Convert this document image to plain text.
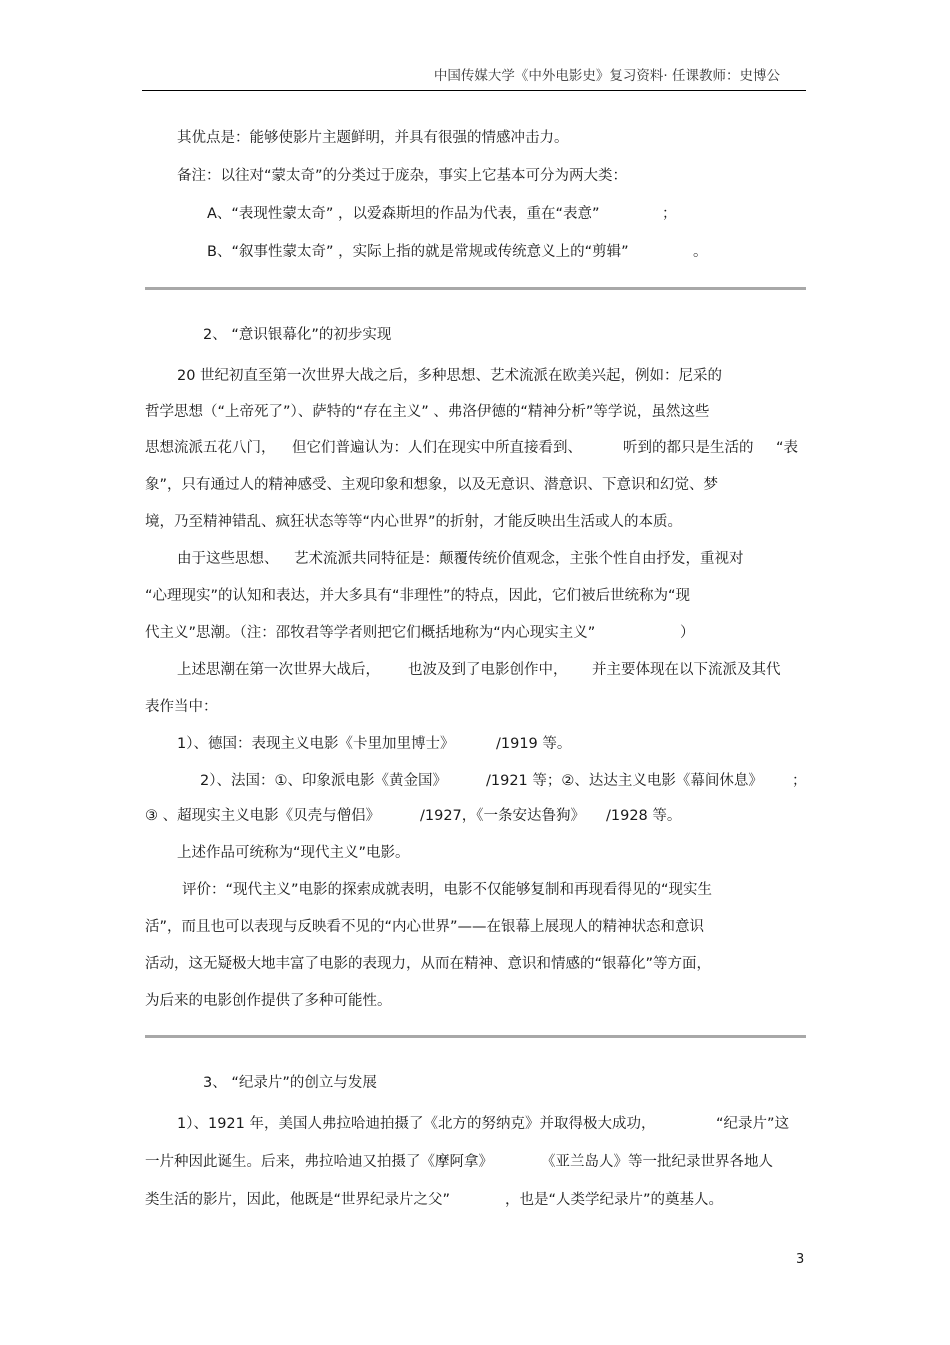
中国传媒大学《中外电影史》复习资料· 任课教师：史博公
其优点是：能够使影片主题鲜明，并具有很强的情感冲击力。
备注：以往对“蒙太奇”的分类过于庞杂，事实上它基本可分为两大类：
A、“表现性蒙太奇” ，以爱森斯坦的作品为代表，重在“表意”	；
B、“叙事性蒙太奇” ，实际上指的就是常规或传统意义上的“剪辑”	。
2、 “意识银幕化”的初步实现
20 世纪初直至第一次世界大战之后，多种思想、艺术流派在欧美兴起，例如：尼采的
哲学思想（“上帝死了”）、萨特的“存在主义” 、弗洛伊德的“精神分析”等学说，虽然这些
思想流派五花八门， 但它们普遍认为：人们在现实中所直接看到、	听到的都只是生活的 “表
象”，只有通过人的精神感受、主观印象和想象，以及无意识、潜意识、下意识和幻觉、梦
境，乃至精神错乱、疯狂状态等等“内心世界”的折射，才能反映出生活或人的本质。
由于这些思想、 艺术流派共同特征是：颠覆传统价值观念，主张个性自由抒发，重视对
“心理现实”的认知和表达，并大多具有“非理性”的特点，因此，它们被后世统称为“现
代主义”思潮。（注：邵牧君等学者则把它们概括地称为“内心现实主义”	）
上述思潮在第一次世界大战后， 也波及到了电影创作中， 并主要体现在以下流派及其代
表作当中：
1）、德国：表现主义电影《卡里加里博士》	/1919 等。
2）、法国：①、印象派电影《黄金国》	/1921 等；②、达达主义电影《幕间休息》 ；
③ 、超现实主义电影《贝壳与僧侣》	/1927，《一条安达鲁狗》 /1928 等。
上述作品可统称为“现代主义”电影。
评价：“现代主义”电影的探索成就表明，电影不仅能够复制和再现看得见的“现实生
活”，而且也可以表现与反映看不见的“内心世界”——在银幕上展现人的精神状态和意识
活动，这无疑极大地丰富了电影的表现力，从而在精神、意识和情感的“银幕化”等方面，
为后来的电影创作提供了多种可能性。
3、 “纪录片”的创立与发展
1）、1921 年，美国人弗拉哈迪拍摄了《北方的努纳克》并取得极大成功，	“纪录片”这
一片种因此诞生。后来，弗拉哈迪又拍摄了《摩阿拿》	《亚兰岛人》等一批纪录世界各地人
类生活的影片，因此，他既是“世界纪录片之父”	，也是“人类学纪录片”的奠基人。
3
